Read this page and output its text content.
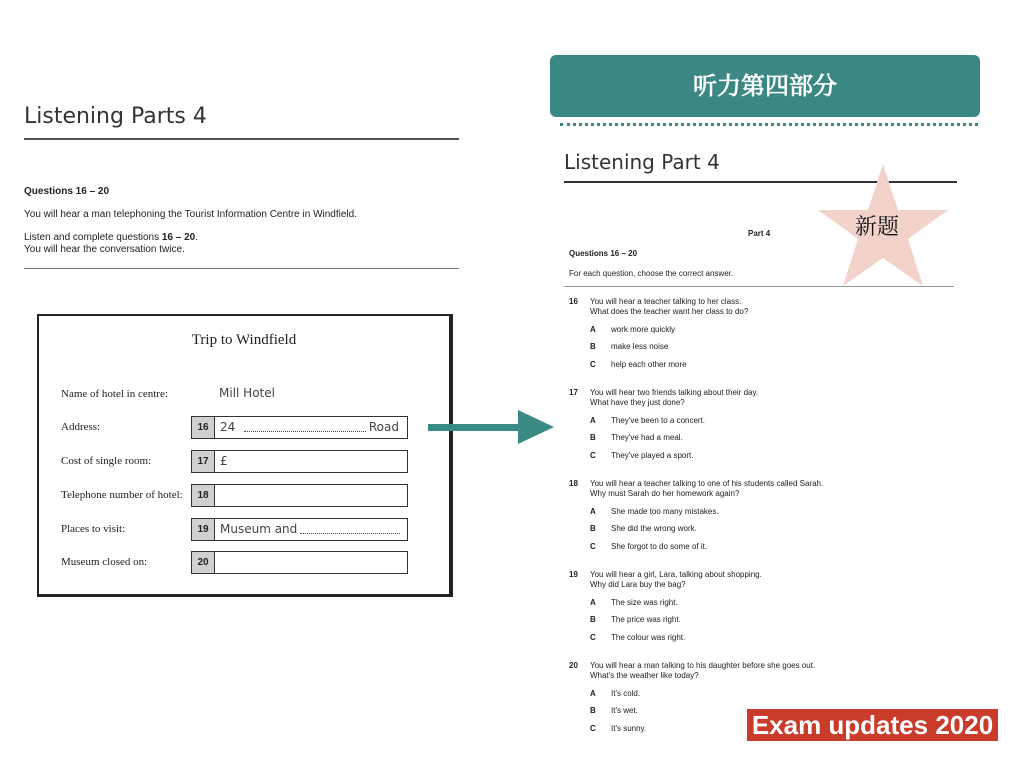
Listening Parts 4
Questions 16 – 20
You will hear a man telephoning the Tourist Information Centre in Windfield.
Listen and complete questions 16 – 20.
You will hear the conversation twice.
Trip to Windfield
Name of hotel in centre:	Mill Hotel
Address:	16 24	Road
Cost of single room:	17 £
Telephone number of hotel:	18
Places to visit:	19 Museum and
Museum closed on:	20
听力第四部分
Listening Part 4
新题
Part 4
Questions 16 – 20
For each question, choose the correct answer.
16 You will hear a teacher talking to her class.
What does the teacher want her class to do?
A work more quickly
B make less noise
C help each other more
17 You will hear two friends talking about their day.
What have they just done?
A They've been to a concert.
B They've had a meal.
C They've played a sport.
18 You will hear a teacher talking to one of his students called Sarah.
Why must Sarah do her homework again?
A She made too many mistakes.
B She did the wrong work.
C She forgot to do some of it.
19 You will hear a girl, Lara, talking about shopping.
Why did Lara buy the bag?
A The size was right.
B The price was right.
C The colour was right.
20 You will hear a man talking to his daughter before she goes out.
What's the weather like today?
A It's cold.
B It's wet.
C It's sunny.	Exam updates 2020
